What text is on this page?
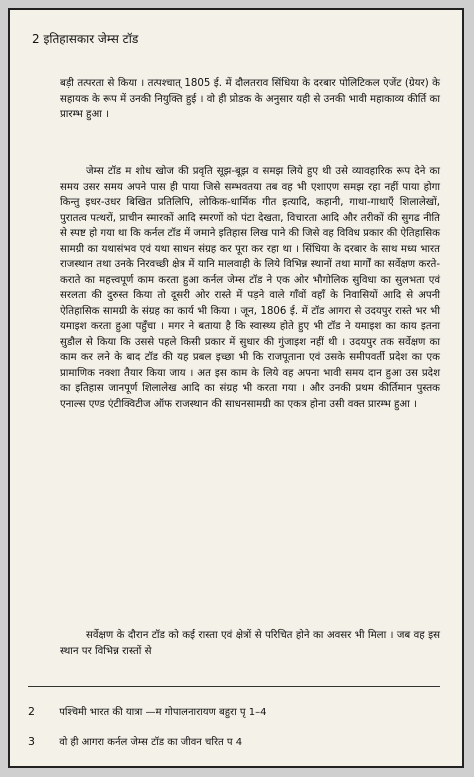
2 इतिहासकार जेम्स टॉड

बड़ी तत्परता से किया । तत्पश्चात् 1805 ई. में दौलतराव सिंधिया के दरबार पोलिटिकल एजेंट (ग्रेयर) के सहायक के रूप में उनकी नियुक्ति हुई । वो ही प्रोडक के अनुसार यही से उनकी भावी महाकाव्य कीर्ति का प्रारम्भ हुआ ।

जेम्स टॉड म शोध खोज की प्रवृति सूझ-बूझ व समझ लिये हुए थी उसे व्यावहारिक रूप देने का समय उसर समय अपने पास ही पाया जिसे सम्भवतया तब वह भी एशाएण समझ रहा नहीं पाया होगा किन्तु इधर-उधर बिखित प्रतिलिपि, लोकिक-धार्मिक गीत इत्यादि, कहानी, गाथा-गाथाएँ शिलालेखों, पुरातत्व पत्थरों, प्राचीन स्मारकों आदि स्मरणों को पंटा देखता, विचारता आदि और तरीकों की सुगढ नीति से स्पष्ट हो गया था कि कर्नल टॉड में जमाने इतिहास लिख पाने की जिसे वह विविध प्रकार की ऐतिहासिक सामग्री का यथासंभव एवं यथा साधन संग्रह कर पूरा कर रहा था । सिंधिया के दरबार के साथ मध्य भारत राजस्थान तथा उनके निरवच्छी क्षेत्र में यानि मालवाही के लिये विभिन्न स्थानों तथा मार्गों का सर्वेक्षण करते-कराते का महत्त्वपूर्ण काम करता हुआ कर्नल जेम्स टॉड ने एक ओर भौगोलिक सुविधा का सुलभता एवं सरलता की दुरुस्त किया तो दूसरी ओर रास्ते में पड़ने वाले गाँवों वहाँ के निवासियों आदि से अपनी ऐतिहासिक सामग्री के संग्रह का कार्य भी किया । जून, 1806 ई. में टॉड आगरा से उदयपुर रास्ते भर भी यमाइश करता हुआ पहुँचा । मगर ने बताया है कि स्वास्थ्य होते हुए भी टॉड ने यमाइश का काय इतना सुडौल से किया कि उससे पहले किसी प्रकार में सुधार की गुंजाइश नहीं थी । उदयपुर तक सर्वेक्षण का काम कर लने के बाद टॉड की यह प्रबल इच्छा भी कि राजपूताना एवं उसके समीपवर्ती प्रदेश का एक प्रामाणिक नक्शा तैयार किया जाय । अत इस काम के लिये वह अपना भावी समय दान हुआ उस प्रदेश का इतिहास जानपूर्ण शिलालेख आदि का संग्रह भी करता गया । और उनकी प्रथम कीर्तिमान पुस्तक एनाल्स एण्ड एंटीक्विटीज ऑफ राजस्थान की साधनसामग्री का एकत्र होना उसी वक्त प्रारम्भ हुआ ।

सर्वेक्षण के दौरान टॉड को कई रास्ता एवं क्षेत्रों से परिचित होने का अवसर भी मिला । जब वह इस स्थान पर विभिन्न रास्तों से

2 पश्चिमी भारत की यात्रा —म गोपालनारायण बहुरा पृ 1–4
3 वो ही आगरा कर्नल जेम्स टॉड का जीवन चरित प 4
